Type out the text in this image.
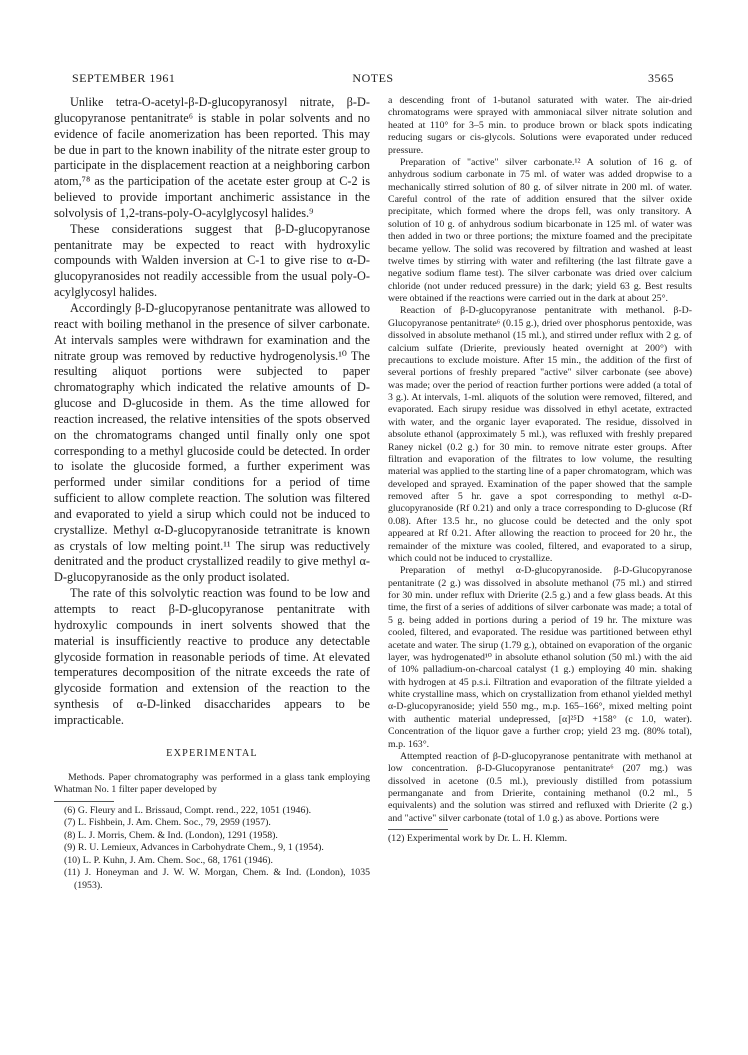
SEPTEMBER 1961	NOTES	3565

Unlike tetra-O-acetyl-β-D-glucopyranosyl nitrate, β-D-glucopyranose pentanitrate⁶ is stable in polar solvents and no evidence of facile anomerization has been reported. This may be due in part to the known inability of the nitrate ester group to participate in the displacement reaction at a neighboring carbon atom,⁷⁸ as the participation of the acetate ester group at C-2 is believed to provide important anchimeric assistance in the solvolysis of 1,2-trans-poly-O-acylglycosyl halides.⁹

These considerations suggest that β-D-glucopyranose pentanitrate may be expected to react with hydroxylic compounds with Walden inversion at C-1 to give rise to α-D-glucopyranosides not readily accessible from the usual poly-O-acylglycosyl halides.

Accordingly β-D-glucopyranose pentanitrate was allowed to react with boiling methanol in the presence of silver carbonate. At intervals samples were withdrawn for examination and the nitrate group was removed by reductive hydrogenolysis.¹⁰ The resulting aliquot portions were subjected to paper chromatography which indicated the relative amounts of D-glucose and D-glucoside in them. As the time allowed for reaction increased, the relative intensities of the spots observed on the chromatograms changed until finally only one spot corresponding to a methyl glucoside could be detected. In order to isolate the glucoside formed, a further experiment was performed under similar conditions for a period of time sufficient to allow complete reaction. The solution was filtered and evaporated to yield a sirup which could not be induced to crystallize. Methyl α-D-glucopyranoside tetranitrate is known as crystals of low melting point.¹¹ The sirup was reductively denitrated and the product crystallized readily to give methyl α-D-glucopyranoside as the only product isolated.

The rate of this solvolytic reaction was found to be low and attempts to react β-D-glucopyranose pentanitrate with hydroxylic compounds in inert solvents showed that the material is insufficiently reactive to produce any detectable glycoside formation in reasonable periods of time. At elevated temperatures decomposition of the nitrate exceeds the rate of glycoside formation and extension of the reaction to the synthesis of α-D-linked disaccharides appears to be impracticable.

EXPERIMENTAL

Methods. Paper chromatography was performed in a glass tank employing Whatman No. 1 filter paper developed by

(6) G. Fleury and L. Brissaud, Compt. rend., 222, 1051 (1946).
(7) L. Fishbein, J. Am. Chem. Soc., 79, 2959 (1957).
(8) L. J. Morris, Chem. & Ind. (London), 1291 (1958).
(9) R. U. Lemieux, Advances in Carbohydrate Chem., 9, 1 (1954).
(10) L. P. Kuhn, J. Am. Chem. Soc., 68, 1761 (1946).
(11) J. Honeyman and J. W. W. Morgan, Chem. & Ind. (London), 1035 (1953).

a descending front of 1-butanol saturated with water. The air-dried chromatograms were sprayed with ammoniacal silver nitrate solution and heated at 110° for 3–5 min. to produce brown or black spots indicating reducing sugars or cis-glycols. Solutions were evaporated under reduced pressure.

Preparation of "active" silver carbonate.¹² A solution of 16 g. of anhydrous sodium carbonate in 75 ml. of water was added dropwise to a mechanically stirred solution of 80 g. of silver nitrate in 200 ml. of water. Careful control of the rate of addition ensured that the silver oxide precipitate, which formed where the drops fell, was only transitory. A solution of 10 g. of anhydrous sodium bicarbonate in 125 ml. of water was then added in two or three portions; the mixture foamed and the precipitate became yellow. The solid was recovered by filtration and washed at least twelve times by stirring with water and refiltering (the last filtrate gave a negative sodium flame test). The silver carbonate was dried over calcium chloride (not under reduced pressure) in the dark; yield 63 g. Best results were obtained if the reactions were carried out in the dark at about 25°.

Reaction of β-D-glucopyranose pentanitrate with methanol. β-D-Glucopyranose pentanitrate⁶ (0.15 g.), dried over phosphorus pentoxide, was dissolved in absolute methanol (15 ml.), and stirred under reflux with 2 g. of calcium sulfate (Drierite, previously heated overnight at 200°) with precautions to exclude moisture. After 15 min., the addition of the first of several portions of freshly prepared "active" silver carbonate (see above) was made; over the period of reaction further portions were added (a total of 3 g.). At intervals, 1-ml. aliquots of the solution were removed, filtered, and evaporated. Each sirupy residue was dissolved in ethyl acetate, extracted with water, and the organic layer evaporated. The residue, dissolved in absolute ethanol (approximately 5 ml.), was refluxed with freshly prepared Raney nickel (0.2 g.) for 30 min. to remove nitrate ester groups. After filtration and evaporation of the filtrates to low volume, the resulting material was applied to the starting line of a paper chromatogram, which was developed and sprayed. Examination of the paper showed that the sample removed after 5 hr. gave a spot corresponding to methyl α-D-glucopyranoside (Rf 0.21) and only a trace corresponding to D-glucose (Rf 0.08). After 13.5 hr., no glucose could be detected and the only spot appeared at Rf 0.21. After allowing the reaction to proceed for 20 hr., the remainder of the mixture was cooled, filtered, and evaporated to a sirup, which could not be induced to crystallize.

Preparation of methyl α-D-glucopyranoside. β-D-Glucopyranose pentanitrate (2 g.) was dissolved in absolute methanol (75 ml.) and stirred for 30 min. under reflux with Drierite (2.5 g.) and a few glass beads. At this time, the first of a series of additions of silver carbonate was made; a total of 5 g. being added in portions during a period of 19 hr. The mixture was cooled, filtered, and evaporated. The residue was partitioned between ethyl acetate and water. The sirup (1.79 g.), obtained on evaporation of the organic layer, was hydrogenated¹⁰ in absolute ethanol solution (50 ml.) with the aid of 10% palladium-on-charcoal catalyst (1 g.) employing 40 min. shaking with hydrogen at 45 p.s.i. Filtration and evaporation of the filtrate yielded a white crystalline mass, which on crystallization from ethanol yielded methyl α-D-glucopyranoside; yield 550 mg., m.p. 165–166°, mixed melting point with authentic material undepressed, [α]²⁵D +158° (c 1.0, water). Concentration of the liquor gave a further crop; yield 23 mg. (80% total), m.p. 163°.

Attempted reaction of β-D-glucopyranose pentanitrate with methanol at low concentration. β-D-Glucopyranose pentanitrate⁶ (207 mg.) was dissolved in acetone (0.5 ml.), previously distilled from potassium permanganate and from Drierite, containing methanol (0.2 ml., 5 equivalents) and the solution was stirred and refluxed with Drierite (2 g.) and "active" silver carbonate (total of 1.0 g.) as above. Portions were

(12) Experimental work by Dr. L. H. Klemm.
